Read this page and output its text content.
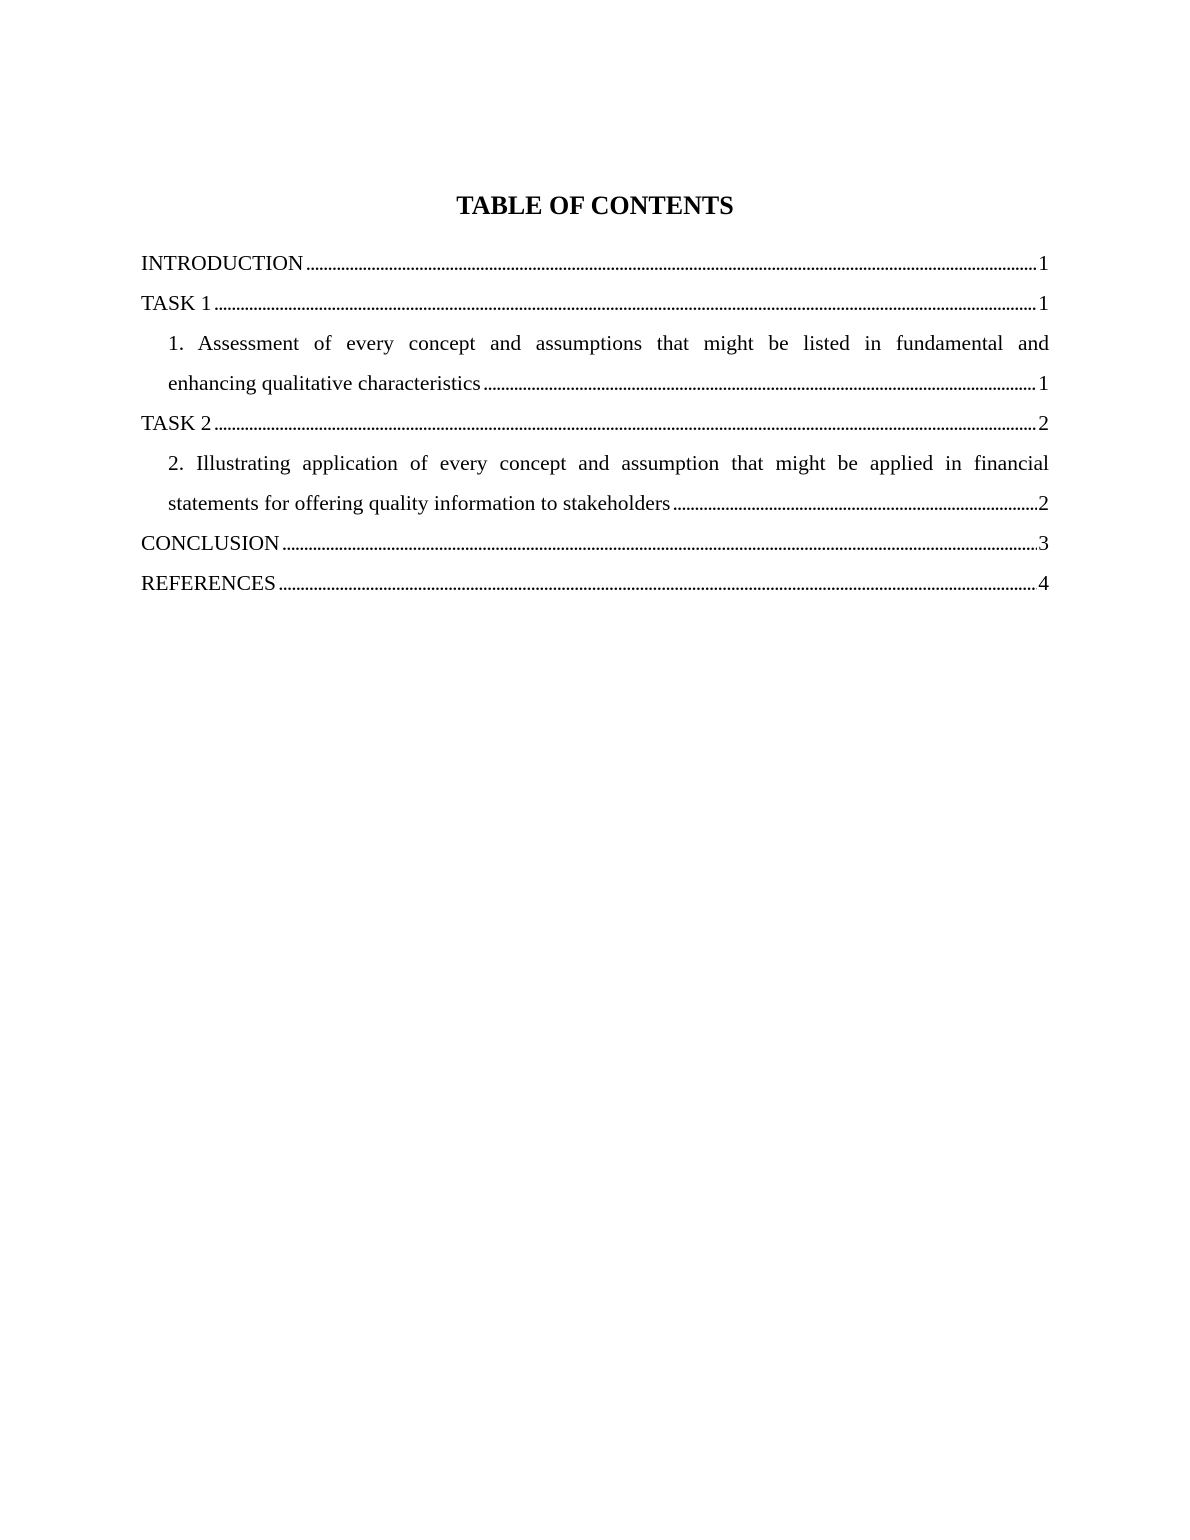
TABLE OF CONTENTS
INTRODUCTION . . .	1
TASK 1 . . .	1
1. Assessment of every concept and assumptions that might be listed in fundamental and
enhancing qualitative characteristics . . .	1
TASK 2 . . .	2
2. Illustrating application of every concept and assumption that might be applied in financial
statements for offering quality information to stakeholders . . .	2
CONCLUSION . . .	3
REFERENCES . . .	4
